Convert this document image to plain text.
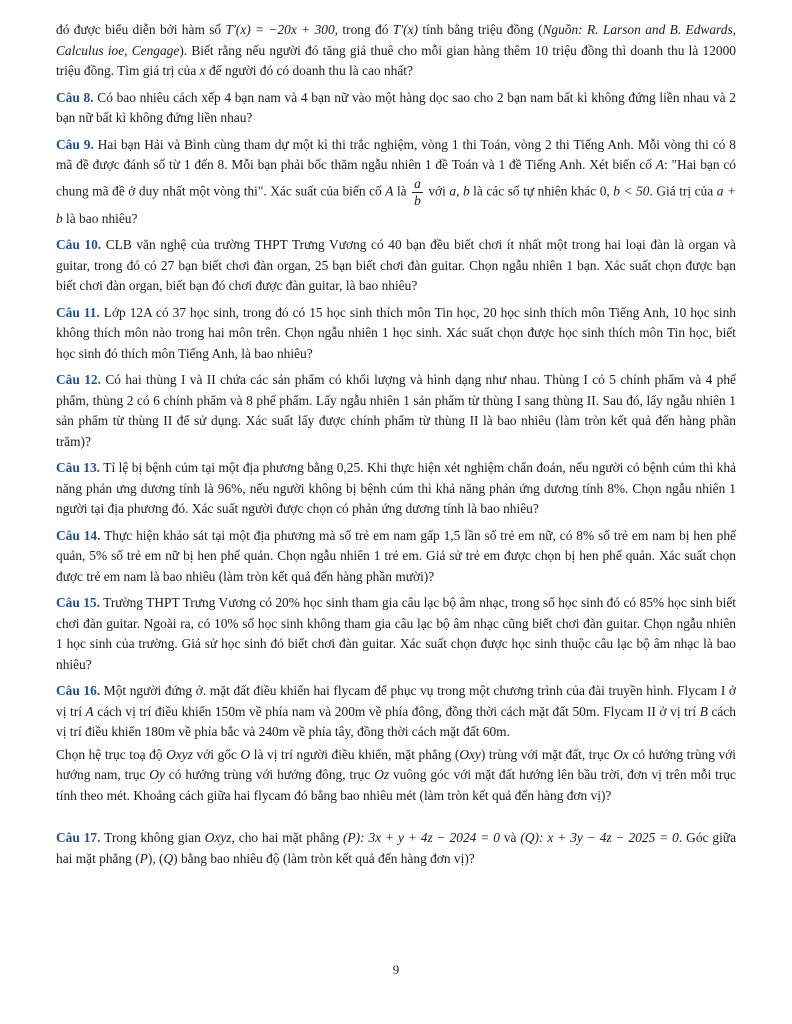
đó được biểu diễn bởi hàm số T'(x) = −20x + 300, trong đó T'(x) tính bằng triệu đồng (Nguồn: R. Larson and B. Edwards, Calculus ioe, Cengage). Biết rằng nếu người đó tăng giá thuê cho mỗi gian hàng thêm 10 triệu đồng thì doanh thu là 12000 triệu đồng. Tìm giá trị của x để người đó có doanh thu là cao nhất?

Câu 8. Có bao nhiêu cách xếp 4 bạn nam và 4 bạn nữ vào một hàng dọc sao cho 2 bạn nam bất kì không đứng liền nhau và 2 bạn nữ bất kì không đứng liền nhau?

Câu 9. Hai bạn Hải và Bình cùng tham dự một kì thi trắc nghiệm, vòng 1 thi Toán, vòng 2 thi Tiếng Anh. Mỗi vòng thi có 8 mã đề được đánh số từ 1 đến 8. Mỗi bạn phải bốc thăm ngẫu nhiên 1 đề Toán và 1 đề Tiếng Anh. Xét biến cố A: "Hai bạn có chung mã đề ở duy nhất một vòng thi". Xác suất của biến cố A là $\frac{a}{b}$ với a, b là các số tự nhiên khác 0, b < 50. Giá trị của a + b là bao nhiêu?

Câu 10. CLB văn nghệ của trường THPT Trưng Vương có 40 bạn đều biết chơi ít nhất một trong hai loại đàn là organ và guitar, trong đó có 27 bạn biết chơi đàn organ, 25 bạn biết chơi đàn guitar. Chọn ngẫu nhiên 1 bạn. Xác suất chọn được bạn biết chơi đàn organ, biết bạn đó chơi được đàn guitar, là bao nhiêu?

Câu 11. Lớp 12A có 37 học sinh, trong đó có 15 học sinh thích môn Tin học, 20 học sinh thích môn Tiếng Anh, 10 học sinh không thích môn nào trong hai môn trên. Chọn ngẫu nhiên 1 học sinh. Xác suất chọn được học sinh thích môn Tin học, biết học sinh đó thích môn Tiếng Anh, là bao nhiêu?

Câu 12. Có hai thùng I và II chứa các sản phẩm có khối lượng và hình dạng như nhau. Thùng I có 5 chính phẩm và 4 phế phẩm, thùng 2 có 6 chính phẩm và 8 phế phẩm. Lấy ngẫu nhiên 1 sản phẩm từ thùng I sang thùng II. Sau đó, lấy ngẫu nhiên 1 sản phẩm từ thùng II để sử dụng. Xác suất lấy được chính phẩm từ thùng II là bao nhiêu (làm tròn kết quả đến hàng phần trăm)?

Câu 13. Tỉ lệ bị bệnh cúm tại một địa phương bằng 0,25. Khi thực hiện xét nghiệm chẩn đoán, nếu người có bệnh cúm thì khả năng phản ưng dương tính là 96%, nếu người không bị bệnh cúm thì khả năng phản ứng dương tính 8%. Chọn ngẫu nhiên 1 người tại địa phương đó. Xác suất người được chọn có phản ứng dương tính là bao nhiêu?

Câu 14. Thực hiện khảo sát tại một địa phương mà số trẻ em nam gấp 1,5 lần số trẻ em nữ, có 8% số trẻ em nam bị hen phế quản, 5% số trẻ em nữ bị hen phế quản. Chọn ngẫu nhiên 1 trẻ em. Giả sử trẻ em được chọn bị hen phế quản. Xác suất chọn được trẻ em nam là bao nhiêu (làm tròn kết quả đến hàng phần mười)?

Câu 15. Trường THPT Trưng Vương có 20% học sinh tham gia câu lạc bộ âm nhạc, trong số học sinh đó có 85% học sinh biết chơi đàn guitar. Ngoài ra, có 10% số học sinh không tham gia câu lạc bộ âm nhạc cũng biết chơi đàn guitar. Chọn ngẫu nhiên 1 học sinh của trường. Giả sử học sinh đó biết chơi đàn guitar. Xác suất chọn được học sinh thuộc câu lạc bộ âm nhạc là bao nhiêu?

Câu 16. Một người đứng ở. mặt đất điều khiển hai flycam để phục vụ trong một chương trình của đài truyền hình. Flycam I ở vị trí A cách vị trí điều khiển 150m về phía nam và 200m về phía đông, đồng thời cách mặt đất 50m. Flycam II ở vị trí B cách vị trí điều khiển 180m về phía bắc và 240m về phía tây, đồng thời cách mặt đất 60m.

Chọn hệ trục toạ độ Oxyz với gốc O là vị trí người điều khiển, mặt phẳng (Oxy) trùng với mặt đất, trục Ox có hướng trùng với hướng nam, trục Oy có hướng trùng với hướng đông, trục Oz vuông góc với mặt đất hướng lên bầu trời, đơn vị trên mỗi trục tính theo mét. Khoảng cách giữa hai flycam đó bằng bao nhiêu mét (làm tròn kết quả đến hàng đơn vị)?

Câu 17. Trong không gian Oxyz, cho hai mặt phẳng (P): 3x + y + 4z − 2024 = 0 và (Q): x + 3y − 4z − 2025 = 0. Góc giữa hai mặt phẳng (P), (Q) bằng bao nhiêu độ (làm tròn kết quả đến hàng đơn vị)?

9
